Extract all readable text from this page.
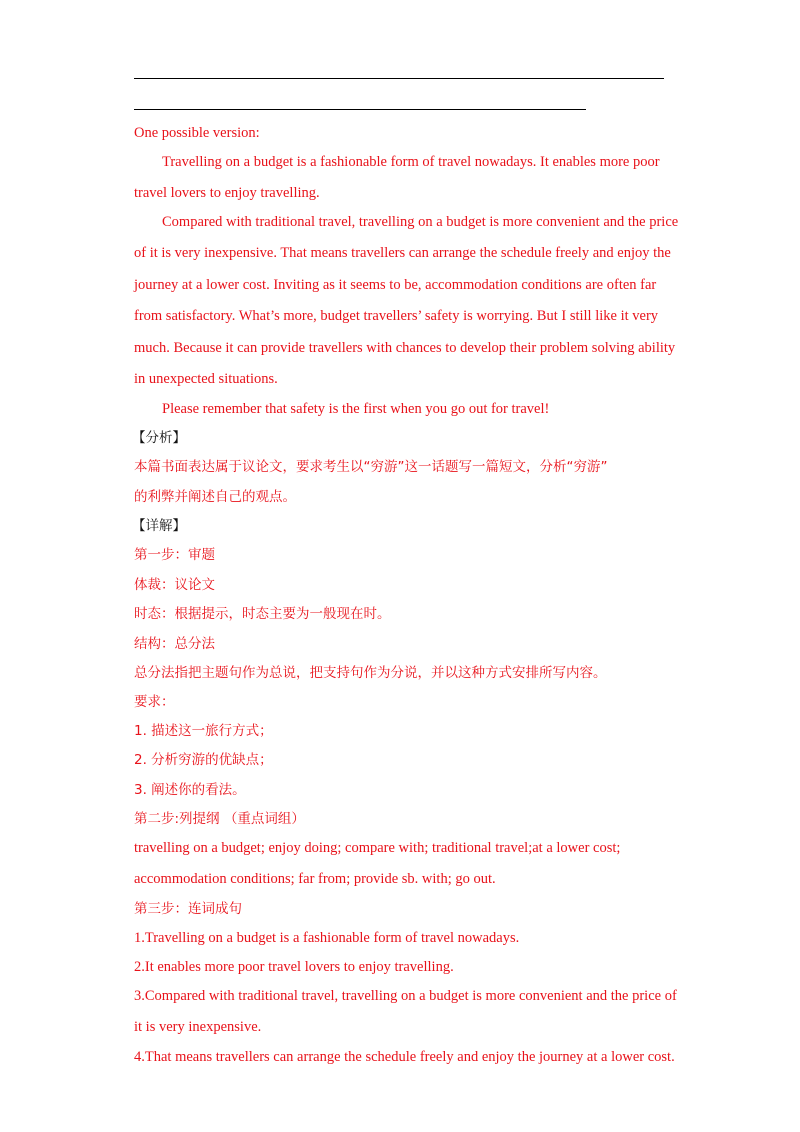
One possible version:
Travelling on a budget is a fashionable form of travel nowadays. It enables more poor
travel lovers to enjoy travelling.
Compared with traditional travel, travelling on a budget is more convenient and the price
of it is very inexpensive. That means travellers can arrange the schedule freely and enjoy the
journey at a lower cost. Inviting as it seems to be, accommodation conditions are often far
from satisfactory. What’s more, budget travellers’ safety is worrying. But I still like it very
much. Because it can provide travellers with chances to develop their problem solving ability
in unexpected situations.
Please remember that safety is the first when you go out for travel!
【分析】
本篇书面表达属于议论文，要求考生以“穷游”这一话题写一篇短文，分析“穷游”
的利弊并阐述自己的观点。
【详解】
第一步：审题
体裁：议论文
时态：根据提示，时态主要为一般现在时。
结构：总分法
总分法指把主题句作为总说，把支持句作为分说，并以这种方式安排所写内容。
要求：
1. 描述这一旅行方式；
2. 分析穷游的优缺点；
3. 阐述你的看法。
第二步:列提纲 （重点词组）
travelling on a budget; enjoy doing; compare with; traditional travel;at a lower cost;
accommodation conditions; far from; provide sb. with; go out.
第三步：连词成句
1.Travelling on a budget is a fashionable form of travel nowadays.
2.It enables more poor travel lovers to enjoy travelling.
3.Compared with traditional travel, travelling on a budget is more convenient and the price of
it is very inexpensive.
4.That means travellers can arrange the schedule freely and enjoy the journey at a lower cost.
